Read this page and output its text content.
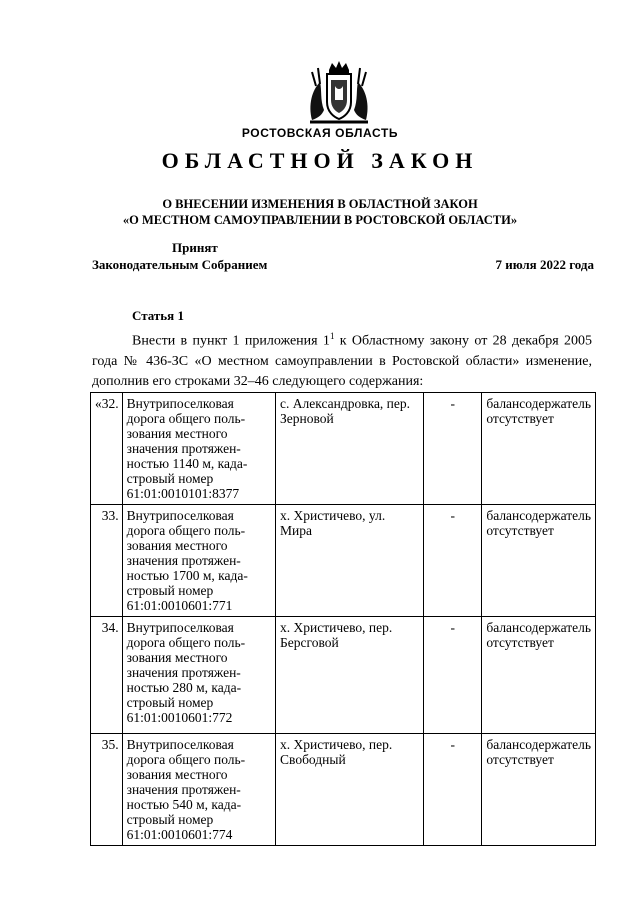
РОСТОВСКАЯ ОБЛАСТЬ
ОБЛАСТНОЙ ЗАКОН
О ВНЕСЕНИИ ИЗМЕНЕНИЯ В ОБЛАСТНОЙ ЗАКОН
«О МЕСТНОМ САМОУПРАВЛЕНИИ В РОСТОВСКОЙ ОБЛАСТИ»
Принят
Законодательным Собранием	7 июля 2022 года
Статья 1

Внести в пункт 1 приложения $1^1$ к Областному закону от 28 декабря 2005 года № 436-ЗС «О местном самоуправлении в Ростовской области» изменение, дополнив его строками 32–46 следующего содержания:

«32.	Внутрипоселковая дорога общего поль-зования местного значения протяжен-ностью 1140 м, када-стровый номер 61:01:0010101:8377	с. Александровка, пер. Зерновой	-	балансодержатель отсутствует
33.	Внутрипоселковая дорога общего поль-зования местного значения протяжен-ностью 1700 м, када-стровый номер 61:01:0010601:771	х. Христичево, ул. Мира	-	балансодержатель отсутствует
34.	Внутрипоселковая дорога общего поль-зования местного значения протяжен-ностью 280 м, када-стровый номер 61:01:0010601:772	х. Христичево, пер. Берсговой	-	балансодержатель отсутствует
35.	Внутрипоселковая дорога общего поль-зования местного значения протяжен-ностью 540 м, када-стровый номер 61:01:0010601:774	х. Христичево, пер. Свободный	-	балансодержатель отсутствует
